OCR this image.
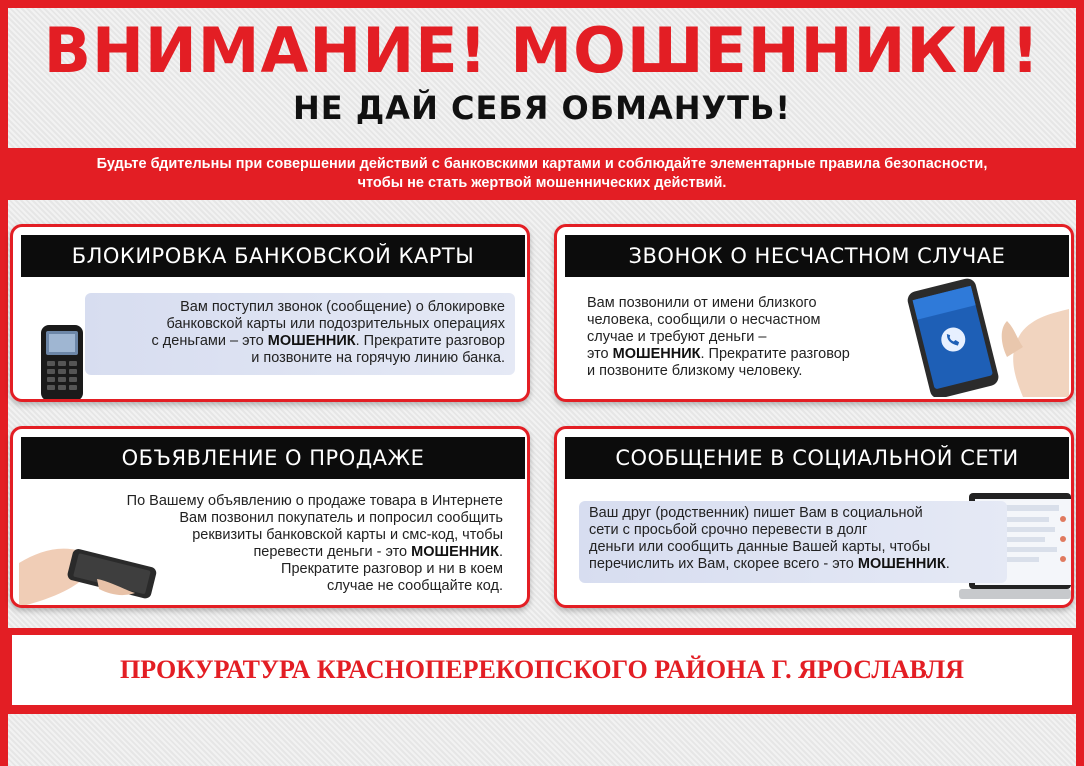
ВНИМАНИЕ! МОШЕННИКИ!
НЕ ДАЙ СЕБЯ ОБМАНУТЬ!
Будьте бдительны при совершении действий с банковскими картами и соблюдайте элементарные правила безопасности,
чтобы не стать жертвой мошеннических действий.
БЛОКИРОВКА БАНКОВСКОЙ КАРТЫ
Вам поступил звонок (сообщение) о блокировке
банковской карты или подозрительных операциях
с деньгами – это МОШЕННИК. Прекратите разговор
и позвоните на горячую линию банка.
ЗВОНОК О НЕСЧАСТНОМ СЛУЧАЕ
Вам позвонили от имени близкого
человека, сообщили о несчастном
случае и требуют деньги –
это МОШЕННИК. Прекратите разговор
и позвоните близкому человеку.
ОБЪЯВЛЕНИЕ О ПРОДАЖЕ
По Вашему объявлению о продаже товара в Интернете
Вам позвонил покупатель и попросил сообщить
реквизиты банковской карты и смс-код, чтобы
перевести деньги - это МОШЕННИК.
Прекратите разговор и ни в коем
случае не сообщайте код.
СООБЩЕНИЕ В СОЦИАЛЬНОЙ СЕТИ
Ваш друг (родственник) пишет Вам в социальной
сети с просьбой срочно перевести в долг
деньги или сообщить данные Вашей карты, чтобы
перечислить их Вам, скорее всего - это МОШЕННИК.
ПРОКУРАТУРА КРАСНОПЕРЕКОПСКОГО РАЙОНА Г. ЯРОСЛАВЛЯ
